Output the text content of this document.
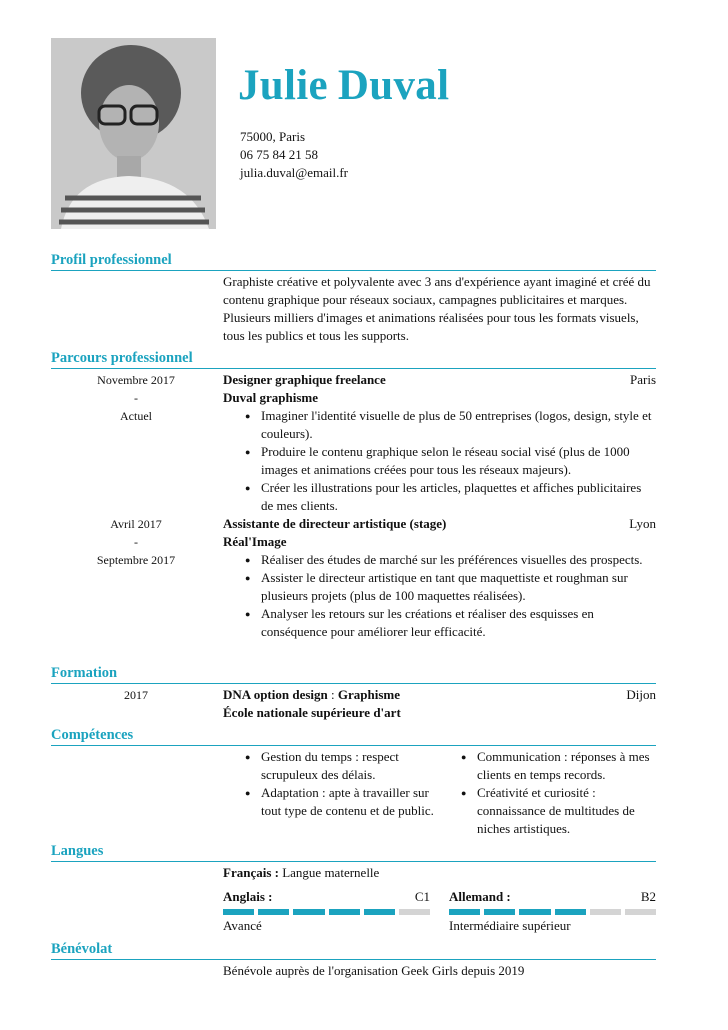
Julie Duval
75000, Paris
06 75 84 21 58
julia.duval@email.fr
Profil professionnel
Graphiste créative et polyvalente avec 3 ans d'expérience ayant imaginé et créé du contenu graphique pour réseaux sociaux, campagnes publicitaires et marques. Plusieurs milliers d'images et animations réalisées pour tous les formats visuels, tous les publics et tous les supports.
Parcours professionnel
Novembre 2017
-
Actuel
Designer graphique freelance	Paris
Duval graphisme
● Imaginer l'identité visuelle de plus de 50 entreprises (logos, design, style et couleurs).
● Produire le contenu graphique selon le réseau social visé (plus de 1000 images et animations créées pour tous les réseaux majeurs).
● Créer les illustrations pour les articles, plaquettes et affiches publicitaires de mes clients.
Avril 2017
-
Septembre 2017
Assistante de directeur artistique (stage)	Lyon
Réal'Image
● Réaliser des études de marché sur les préférences visuelles des prospects.
● Assister le directeur artistique en tant que maquettiste et roughman sur plusieurs projets (plus de 100 maquettes réalisées).
● Analyser les retours sur les créations et réaliser des esquisses en conséquence pour améliorer leur efficacité.
Formation
2017	DNA option design : Graphisme	Dijon
École nationale supérieure d'art
Compétences
● Gestion du temps : respect scrupuleux des délais.
● Adaptation : apte à travailler sur tout type de contenu et de public.
● Communication : réponses à mes clients en temps records.
● Créativité et curiosité : connaissance de multitudes de niches artistiques.
Langues
Français : Langue maternelle
Anglais :	C1
Avancé
Allemand :	B2
Intermédiaire supérieur
Bénévolat
Bénévole auprès de l'organisation Geek Girls depuis 2019
